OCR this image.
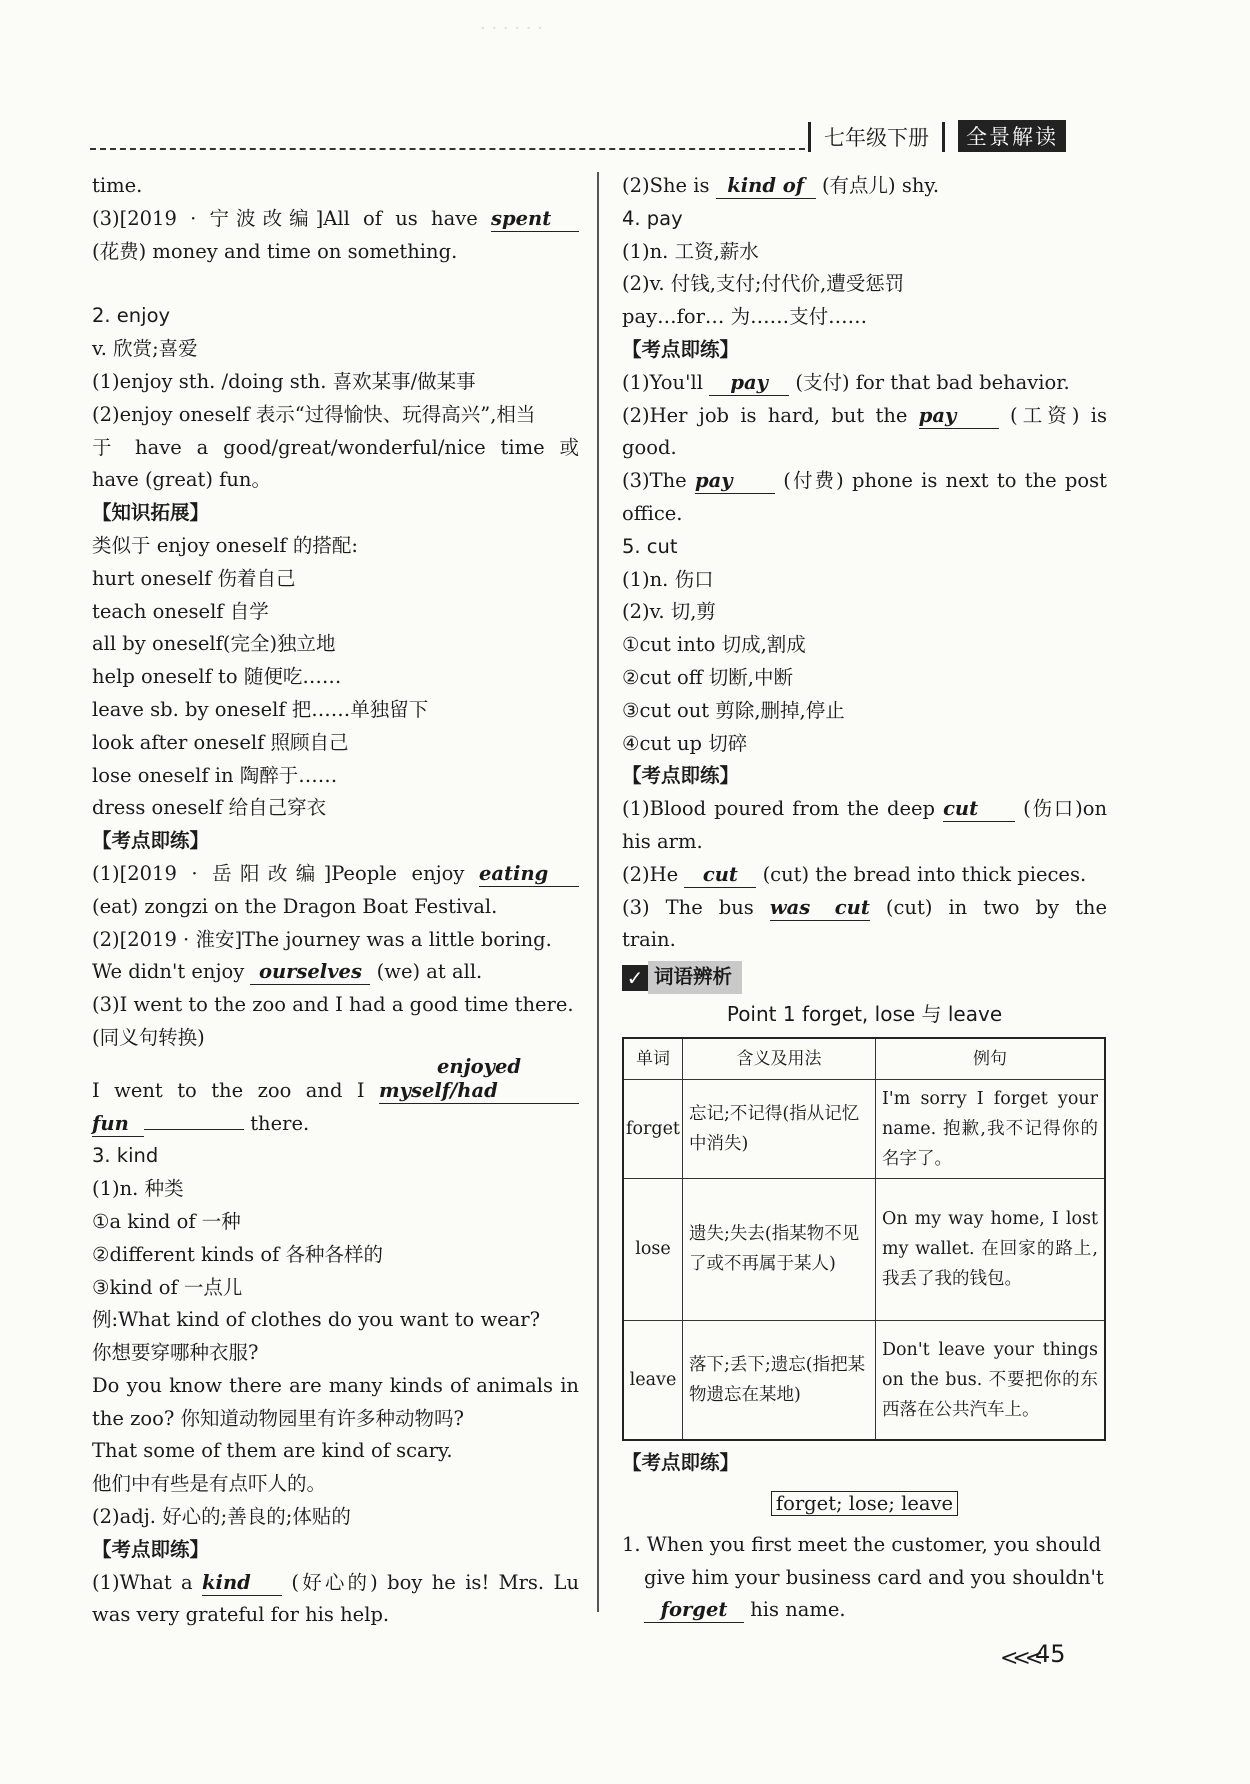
· · · · · ·
七年级下册	全景解读

time.

(3)[2019 · 宁波改编]All of us have spent

(花费) money and time on something.

2. enjoy

v. 欣赏;喜爱

(1)enjoy sth. /doing sth. 喜欢某事/做某事

(2)enjoy oneself 表示“过得愉快、玩得高兴”,相当

于 have a good/great/wonderful/nice time 或

have (great) fun。

【知识拓展】

类似于 enjoy oneself 的搭配:

hurt oneself 伤着自己

teach oneself 自学

all by oneself(完全)独立地

help oneself to 随便吃……

leave sb. by oneself 把……单独留下

look after oneself 照顾自己

lose oneself in 陶醉于……

dress oneself 给自己穿衣

【考点即练】

(1)[2019 · 岳阳改编]People enjoy eating

(eat) zongzi on the Dragon Boat Festival.

(2)[2019 · 淮安]The journey was a little boring.

We didn't enjoy ourselves (we) at all.

(3)I went to the zoo and I had a good time there.

(同义句转换)

I went to the zoo and I enjoyed myself/had

fun	there.

3. kind

(1)n. 种类

①a kind of 一种

②different kinds of 各种各样的

③kind of 一点儿

例:What kind of clothes do you want to wear?

你想要穿哪种衣服?

Do you know there are many kinds of animals in

the zoo? 你知道动物园里有许多种动物吗?

That some of them are kind of scary.

他们中有些是有点吓人的。

(2)adj. 好心的;善良的;体贴的

【考点即练】

(1)What a kind (好心的) boy he is! Mrs. Lu

was very grateful for his help.

(2)She is kind of (有点儿) shy.

4. pay

(1)n. 工资,薪水

(2)v. 付钱,支付;付代价,遭受惩罚

pay…for… 为……支付……

【考点即练】

(1)You'll pay (支付) for that bad behavior.

(2)Her job is hard, but the pay	(工资) is

good.

(3)The pay	(付费) phone is next to the post

office.

5. cut

(1)n. 伤口

(2)v. 切,剪

①cut into 切成,割成

②cut off 切断,中断

③cut out 剪除,删掉,停止

④cut up 切碎

【考点即练】

(1)Blood poured from the deep cut (伤口)on

his arm.

(2)He cut (cut) the bread into thick pieces.

(3) The bus was cut (cut) in two by the

train.

✓ 词语辨析

Point 1 forget, lose 与 leave

单词	含义及用法	例句
forget	忘记;不记得(指从记忆中消失)	I'm sorry I forget your name. 抱歉,我不记得你的名字了。
lose	遗失;失去(指某物不见了或不再属于某人)	On my way home, I lost my wallet. 在回家的路上,我丢了我的钱包。
leave	落下;丢下;遗忘(指把某物遗忘在某地)	Don't leave your things on the bus. 不要把你的东西落在公共汽车上。

【考点即练】

forget; lose; leave

1. When you first meet the customer, you should

give him your business card and you shouldn't

forget his name.

<<<
45
